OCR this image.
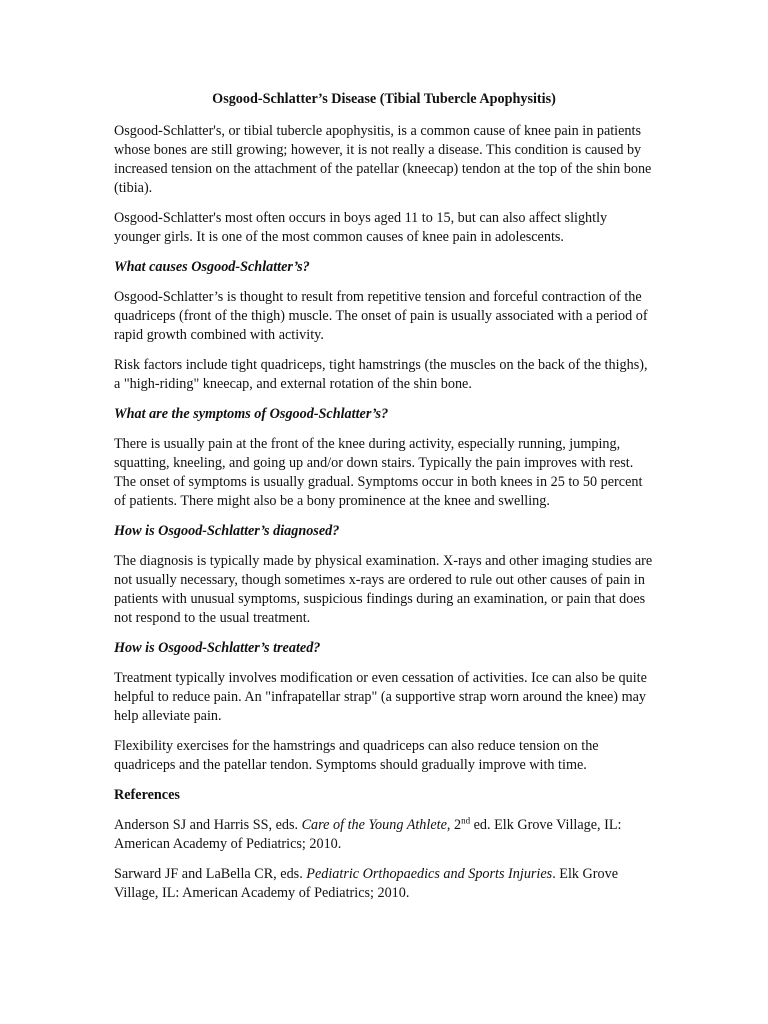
Osgood-Schlatter’s Disease (Tibial Tubercle Apophysitis)

Osgood-Schlatter's, or tibial tubercle apophysitis, is a common cause of knee pain in patients whose bones are still growing; however, it is not really a disease. This condition is caused by increased tension on the attachment of the patellar (kneecap) tendon at the top of the shin bone (tibia).

Osgood-Schlatter's most often occurs in boys aged 11 to 15, but can also affect slightly younger girls. It is one of the most common causes of knee pain in adolescents.

What causes Osgood-Schlatter’s?

Osgood-Schlatter’s is thought to result from repetitive tension and forceful contraction of the quadriceps (front of the thigh) muscle. The onset of pain is usually associated with a period of rapid growth combined with activity.

Risk factors include tight quadriceps, tight hamstrings (the muscles on the back of the thighs), a "high-riding" kneecap, and external rotation of the shin bone.

What are the symptoms of Osgood-Schlatter’s?

There is usually pain at the front of the knee during activity, especially running, jumping, squatting, kneeling, and going up and/or down stairs. Typically the pain improves with rest. The onset of symptoms is usually gradual. Symptoms occur in both knees in 25 to 50 percent of patients. There might also be a bony prominence at the knee and swelling.

How is Osgood-Schlatter’s diagnosed?

The diagnosis is typically made by physical examination. X-rays and other imaging studies are not usually necessary, though sometimes x-rays are ordered to rule out other causes of pain in patients with unusual symptoms, suspicious findings during an examination, or pain that does not respond to the usual treatment.

How is Osgood-Schlatter’s treated?

Treatment typically involves modification or even cessation of activities. Ice can also be quite helpful to reduce pain. An "infrapatellar strap" (a supportive strap worn around the knee) may help alleviate pain.

Flexibility exercises for the hamstrings and quadriceps can also reduce tension on the quadriceps and the patellar tendon. Symptoms should gradually improve with time.

References

Anderson SJ and Harris SS, eds. Care of the Young Athlete, 2nd ed. Elk Grove Village, IL: American Academy of Pediatrics; 2010.

Sarward JF and LaBella CR, eds. Pediatric Orthopaedics and Sports Injuries. Elk Grove Village, IL: American Academy of Pediatrics; 2010.
